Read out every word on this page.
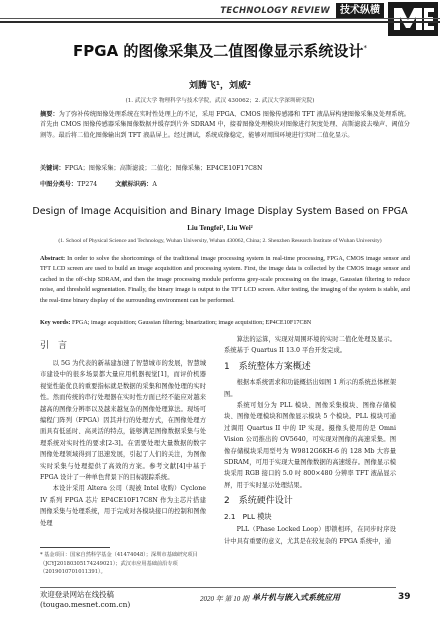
TECHNOLOGY REVIEW	技术纵横
FPGA 的图像采集及二值图像显示系统设计*
刘腾飞¹，刘威²
(1. 武汉大学 物理科学与技术学院，武汉 430062；2. 武汉大学深圳研究院)
摘要：为了弥补传统图像处理系统在实时性处理上的不足，采用 FPGA、CMOS 图像传感器和 TFT 液晶屏构建图像采集及处理系统。首先由 CMOS 图像传感器采集图像数据并缓存到片外 SDRAM 中，接着图像处理模块对图像进行灰度处理、高斯滤波去噪声、阈值分割等。最后将二值化图像输出到 TFT 液晶屏上。经过测试，系统成像稳定，能够对周围环境进行实时二值化显示。
关键词：FPGA；图像采集；高斯滤波；二值化；图像采集；EP4CE10F17C8N
中图分类号：TP274	文献标识码：A
Design of Image Acquisition and Binary Image Display System Based on FPGA
Liu Tengfei¹, Liu Wei²
(1. School of Physical Science and Technology, Wuhan University, Wuhan 430062, China; 2. Shenzhen Research Institute of Wuhan University)
Abstract: In order to solve the shortcomings of the traditional image processing system in real-time processing, FPGA, CMOS image sensor and TFT LCD screen are used to build an image acquisition and processing system. First, the image data is collected by the CMOS image sensor and cached in the off-chip SDRAM, and then the image processing module performs grey-scale processing on the image, Gaussian filtering to reduce noise, and threshold segmentation. Finally, the binary image is output to the TFT LCD screen. After testing, the imaging of the system is stable, and the real-time binary display of the surrounding environment can be performed.
Key words: FPGA; image acquisition; Gaussian filtering; binarization; image acquisition; EP4CE10F17C8N
引　言

以 5G 为代表的新基建加速了智慧城市的发展，智慧城市建设中的很多场景都大量应用机器视觉[1]，而评价机器视觉性能优良的重要指标就是数据的采集和图像处理的实时性。然而传统的串行处理器在实时性方面已经不能应对越来越高的图像分辨率以及越来越复杂的图像处理算法。现场可编程门阵列（FPGA）因其并行的处理方式，在图像处理方面具有低延时、高灵活的特点，能够满足图像数据采集与处理系统对实时性的要求[2-3]。在需要处理大量数据的数字图像处理领域得到了迅速发展，引起了人们的关注，为图像实时采集与处理提供了高效的方案。参考文献[4]中基于 FPGA 设计了一种单色背景下的目标跟踪系统。

本设计采用 Altera 公司（现被 Intel 收购）Cyclone IV 系列 FPGA 芯片 EP4CE10F17C8N 作为主芯片搭建图像采集与处理系统，用于完成对各模块接口的控制和图像处理

* 基金项目：国家自然科学基金（41474048）；深圳市基础研究项目（JCYJ20180305174249021）；武汉市应用基础前沿专项（2019010701011391）。

算法的运算，实现对周围环境的实时二值化处理及显示。系统基于 Quartus II 13.0 平台开发完成。

1　系统整体方案概述

根据本系统需求和功能概括出如图 1 所示的系统总体框架图。

系统可划分为 PLL 模块、图像采集模块、图像存储模块、图像处理模块和图像显示模块 5 个模块。PLL 模块可通过调用 Quartus II 中的 IP 实现。摄像头使用的是 Omni Vision 公司推出的 OV5640，可实现对图像的高速采集。图像存储模块采用型号为 W9812G6KH-6 的 128 Mb 大容量 SDRAM，可用于实现大量图像数据的高速缓存。图像显示模块采用 RGB 接口的 5.0 吋 800×480 分辨率 TFT 液晶显示屏，用于实时显示处理结果。

2　系统硬件设计
2.1　PLL 模块

PLL（Phase Locked Loop）即锁相环，在同步时序设计中具有重要的意义，尤其是在较复杂的 FPGA 系统中，通

欢迎登录网站在线投稿
(tougao.mesnet.com.cn)
2020 年 第 10 期 单片机与嵌入式系统应用	39
